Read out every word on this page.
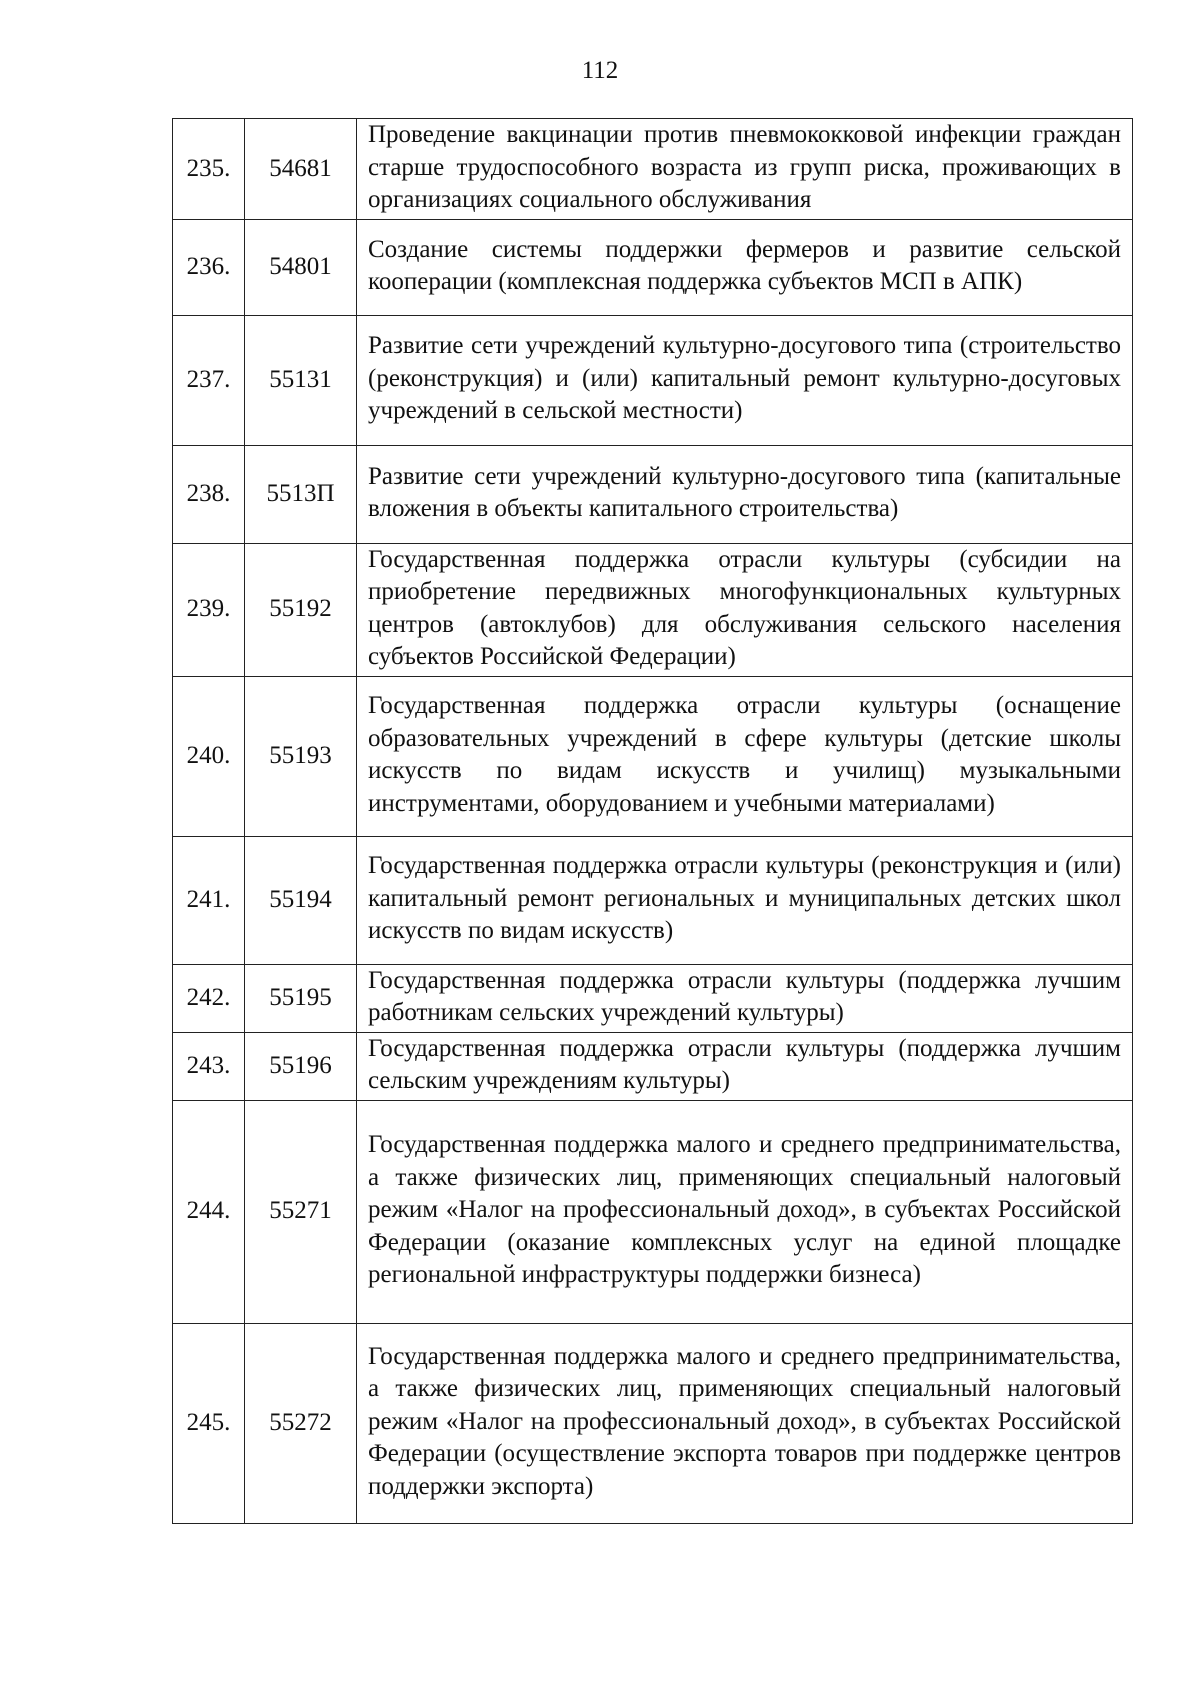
112
235.	54681	Проведение вакцинации против пневмококковой инфекции граждан старше трудоспособного возраста из групп риска, проживающих в организациях социального обслуживания
236.	54801	Создание системы поддержки фермеров и развитие сельской кооперации (комплексная поддержка субъектов МСП в АПК)
237.	55131	Развитие сети учреждений культурно-досугового типа (строительство (реконструкция) и (или) капитальный ремонт культурно-досуговых учреждений в сельской местности)
238.	5513П	Развитие сети учреждений культурно-досугового типа (капитальные вложения в объекты капитального строительства)
239.	55192	Государственная поддержка отрасли культуры (субсидии на приобретение передвижных многофункциональных культурных центров (автоклубов) для обслуживания сельского населения субъектов Российской Федерации)
240.	55193	Государственная поддержка отрасли культуры (оснащение образовательных учреждений в сфере культуры (детские школы искусств по видам искусств и училищ) музыкальными инструментами, оборудованием и учебными материалами)
241.	55194	Государственная поддержка отрасли культуры (реконструкция и (или) капитальный ремонт региональных и муниципальных детских школ искусств по видам искусств)
242.	55195	Государственная поддержка отрасли культуры (поддержка лучшим работникам сельских учреждений культуры)
243.	55196	Государственная поддержка отрасли культуры (поддержка лучшим сельским учреждениям культуры)
244.	55271	Государственная поддержка малого и среднего предпринимательства, а также физических лиц, применяющих специальный налоговый режим «Налог на профессиональный доход», в субъектах Российской Федерации (оказание комплексных услуг на единой площадке региональной инфраструктуры поддержки бизнеса)
245.	55272	Государственная поддержка малого и среднего предпринимательства, а также физических лиц, применяющих специальный налоговый режим «Налог на профессиональный доход», в субъектах Российской Федерации (осуществление экспорта товаров при поддержке центров поддержки экспорта)
